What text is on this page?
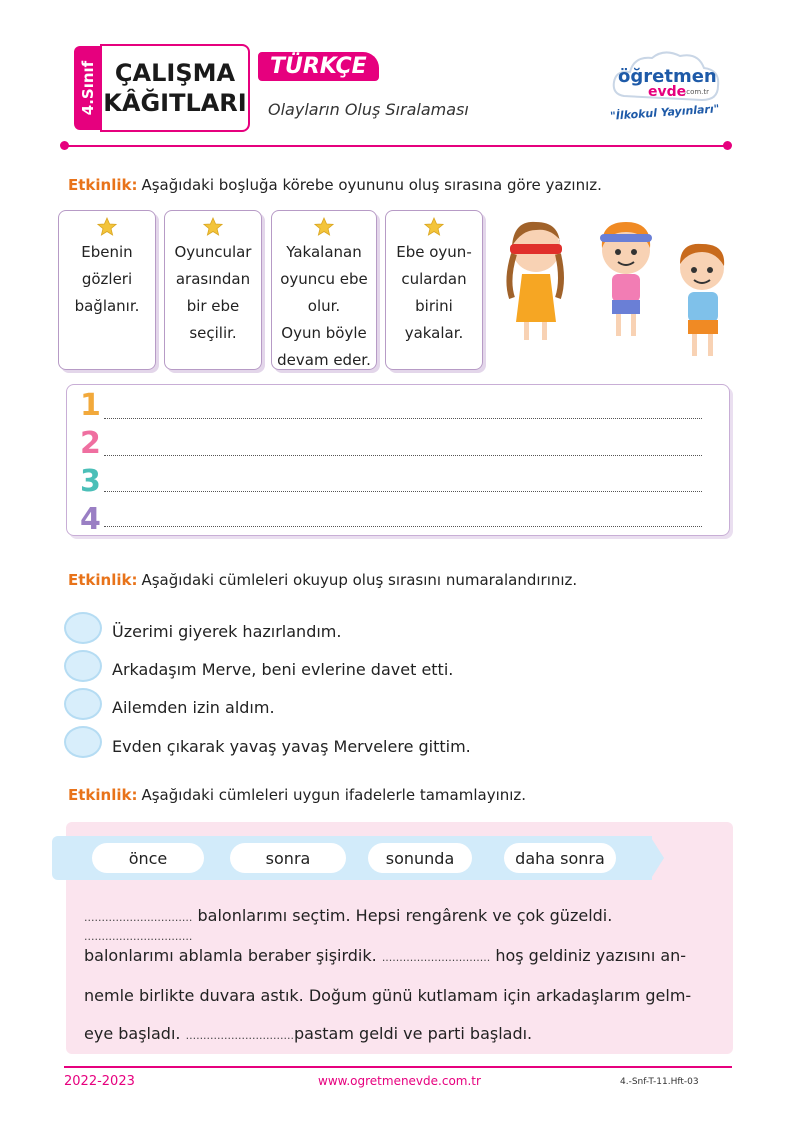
4.Sınıf ÇALIŞMA
KÂĞITLARI
TÜRKÇE
Olayların Oluş Sıralaması
öğretmen
evde
.com.tr
"İlkokul Yayınları"
Etkinlik: Aşağıdaki boşluğa körebe oyununu oluş sırasına göre yazınız.
Ebenin
gözleri
bağlanır.
Oyuncular
arasından
bir ebe
seçilir.
Yakalanan
oyuncu ebe
olur.
Oyun böyle
devam eder.
Ebe oyun-
culardan
birini
yakalar.
1
2
3
4
Etkinlik: Aşağıdaki cümleleri okuyup oluş sırasını numaralandırınız.
Üzerimi giyerek hazırlandım.
Arkadaşım Merve, beni evlerine davet etti.
Ailemden izin aldım.
Evden çıkarak yavaş yavaş Mervelere gittim.
Etkinlik: Aşağıdaki cümleleri uygun ifadelerle tamamlayınız.
önce	sonra	sonunda	daha sonra
............................... balonlarımı seçtim. Hepsi rengârenk ve çok güzeldi. ...............................
balonlarımı ablamla beraber şişirdik. ............................... hoş geldiniz yazısını an-
nemle birlikte duvara astık. Doğum günü kutlamam için arkadaşlarım gelm-
eye başladı. ...............................pastam geldi ve parti başladı.
2022-2023	www.ogretmenevde.com.tr	4.-Snf-T-11.Hft-03
